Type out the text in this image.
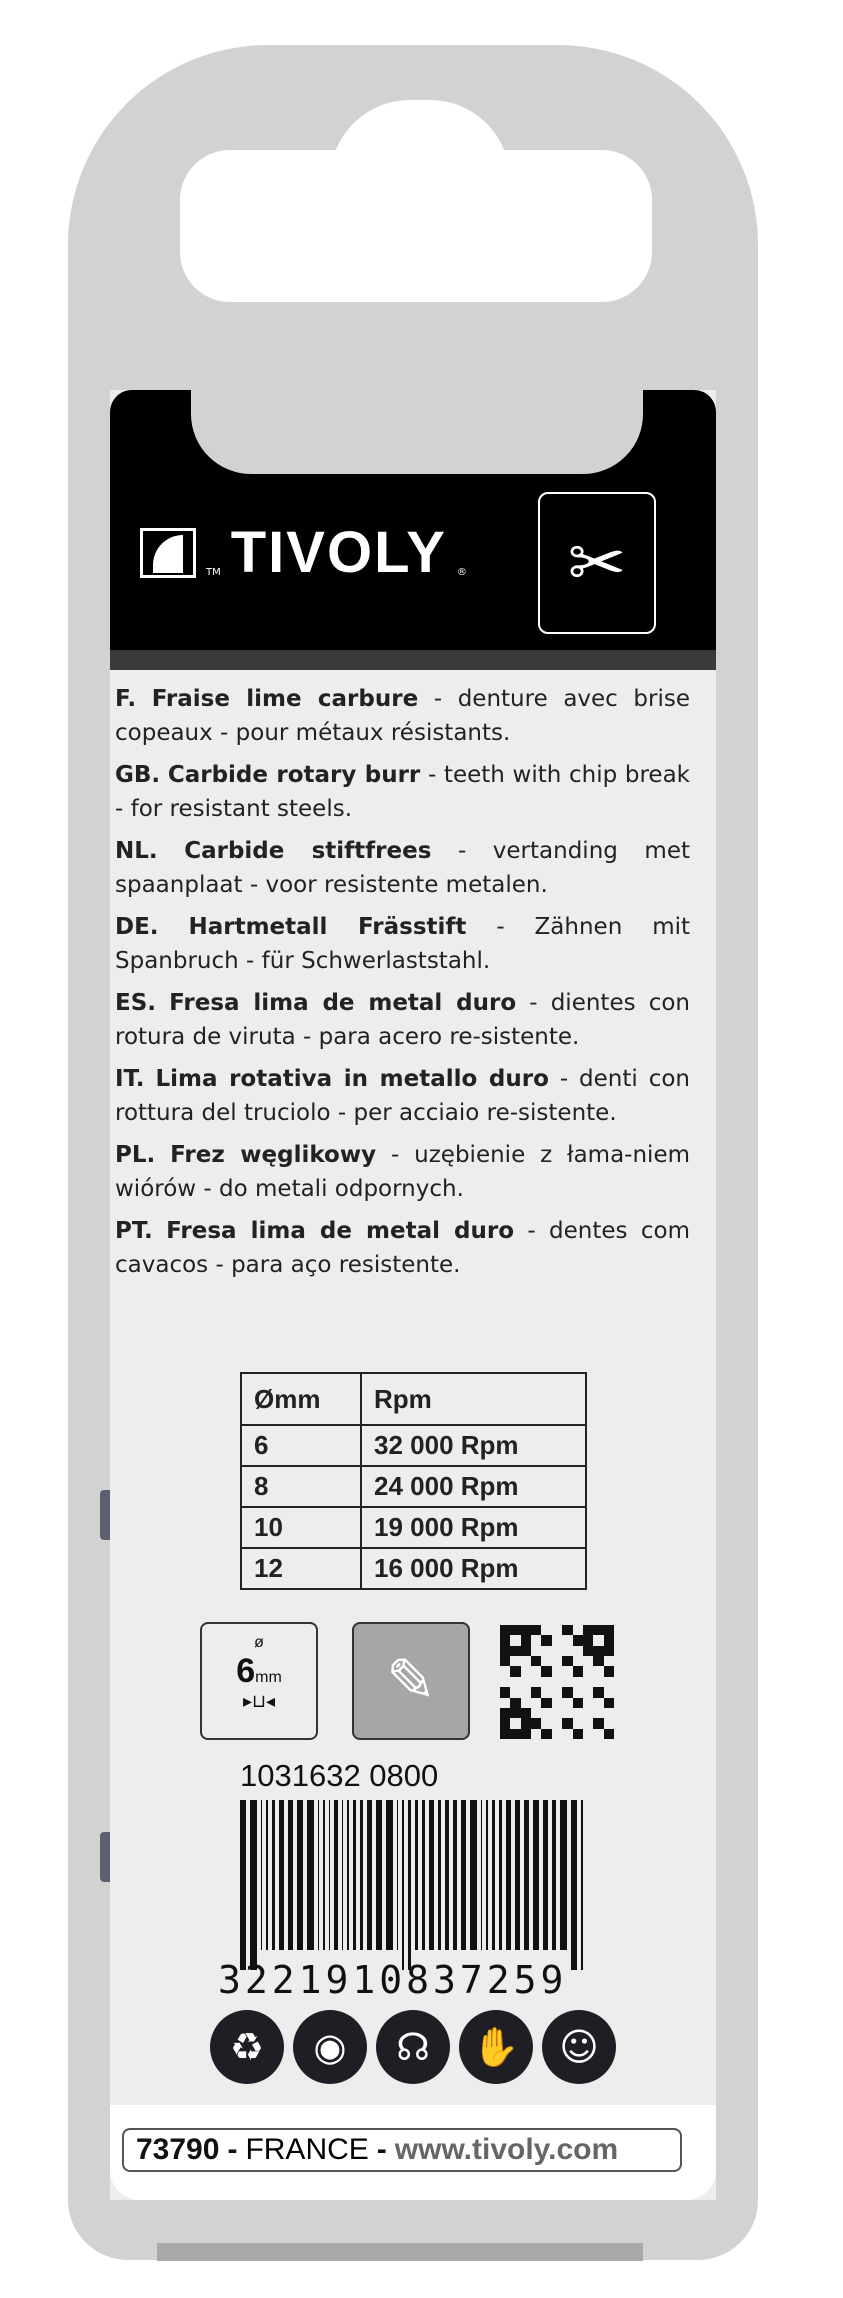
TM TIVOLY ®	✂

F. Fraise lime carbure - denture avec brise copeaux - pour métaux résistants.

GB. Carbide rotary burr - teeth with chip break - for resistant steels.

NL. Carbide stiftfrees - vertanding met spaanplaat - voor resistente metalen.

DE. Hartmetall Frässtift - Zähnen mit Spanbruch - für Schwerlaststahl.

ES. Fresa lima de metal duro - dientes con rotura de viruta - para acero re-sistente.

IT. Lima rotativa in metallo duro - denti con rottura del truciolo - per acciaio re-sistente.

PL. Frez węglikowy - uzębienie z łama-niem wiórów - do metali odpornych.

PT. Fresa lima de metal duro - dentes com cavacos - para aço resistente.

Ømm	Rpm
6	32 000 Rpm
8	24 000 Rpm
10	19 000 Rpm
12	16 000 Rpm
ø
6mm
▸⊔◂	✎
1031632 0800
3221910837259
♻	◉	☊	✋	☺
73790 - FRANCE - www.tivoly.com
